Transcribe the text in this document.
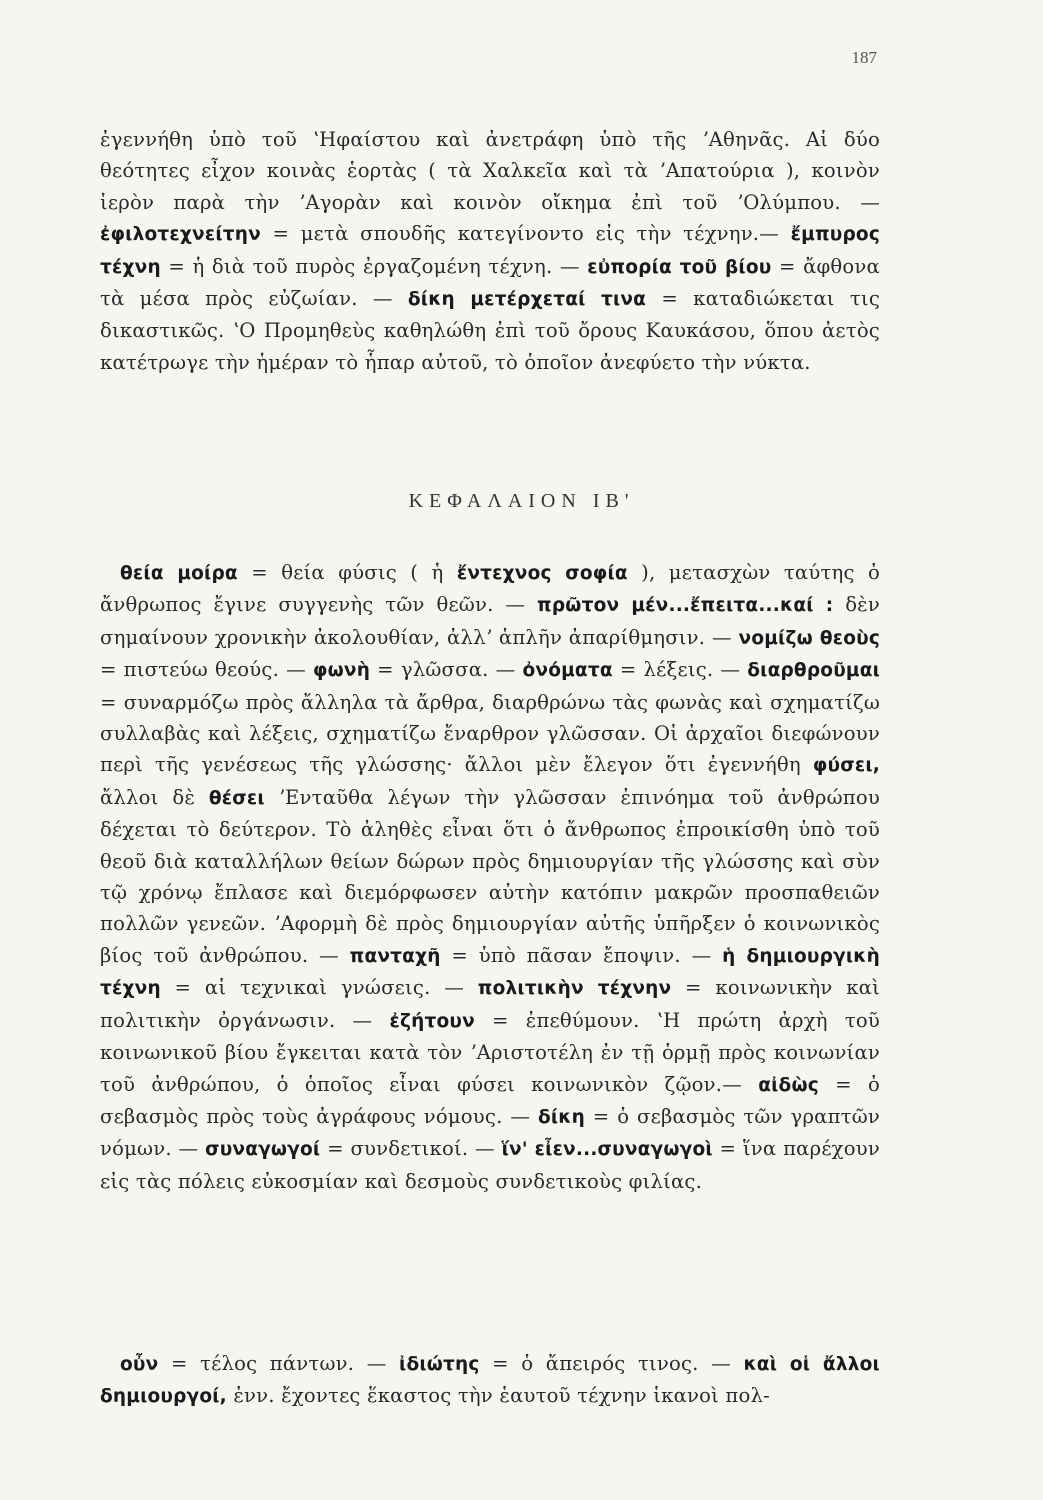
187

ἐγεννήθη ὑπὸ τοῦ ʽΗφαίστου καὶ ἀνετράφη ὑπὸ τῆς ʼΑθηνᾶς. Αἱ δύο θεότητες εἶχον κοινὰς ἑορτὰς ( τὰ Χαλκεῖα καὶ τὰ ʼΑπατούρια ), κοινὸν ἱερὸν παρὰ τὴν ʼΑγορὰν καὶ κοινὸν οἴκημα ἐπὶ τοῦ ʼΟλύμπου. — ἐφιλοτεχνείτην = μετὰ σπουδῆς κατεγίνοντο εἰς τὴν τέχνην.— ἔμπυρος τέχνη = ἡ διὰ τοῦ πυρὸς ἐργαζομένη τέχνη. — εὐπορία τοῦ βίου = ἄφθονα τὰ μέσα πρὸς εὐζωίαν. — δίκη μετέρχεταί τινα = καταδιώκεται τις δικαστικῶς. ʽΟ Προμηθεὺς καθηλώθη ἐπὶ τοῦ ὄρους Καυκάσου, ὅπου ἀετὸς κατέτρωγε τὴν ἡμέραν τὸ ἧπαρ αὐτοῦ, τὸ ὁποῖον ἀνεφύετο τὴν νύκτα.

ΚΕΦΑΛΑΙΟΝ ΙΒ'

θεία μοίρα = θεία φύσις ( ἡ ἔντεχνος σοφία ), μετασχὼν ταύτης ὁ ἄνθρωπος ἔγινε συγγενὴς τῶν θεῶν. — πρῶτον μέν...ἔπειτα...καί : δὲν σημαίνουν χρονικὴν ἀκολουθίαν, ἀλλʼ ἁπλῆν ἀπαρίθμησιν. — νομίζω θεοὺς = πιστεύω θεούς. — φωνὴ = γλῶσσα. — ὀνόματα = λέξεις. — διαρθροῦμαι = συναρμόζω πρὸς ἄλληλα τὰ ἄρθρα, διαρθρώνω τὰς φωνὰς καὶ σχηματίζω συλλαβὰς καὶ λέξεις, σχηματίζω ἔναρθρον γλῶσσαν. Οἱ ἀρχαῖοι διεφώνουν περὶ τῆς γενέσεως τῆς γλώσσης· ἄλλοι μὲν ἔλεγον ὅτι ἐγεννήθη φύσει, ἄλλοι δὲ θέσει ʼΕνταῦθα λέγων τὴν γλῶσσαν ἐπινόημα τοῦ ἀνθρώπου δέχεται τὸ δεύτερον. Τὸ ἀληθὲς εἶναι ὅτι ὁ ἄνθρωπος ἐπροικίσθη ὑπὸ τοῦ θεοῦ διὰ καταλλήλων θείων δώρων πρὸς δημιουργίαν τῆς γλώσσης καὶ σὺν τῷ χρόνῳ ἔπλασε καὶ διεμόρφωσεν αὐτὴν κατόπιν μακρῶν προσπαθειῶν πολλῶν γενεῶν. ʼΑφορμὴ δὲ πρὸς δημιουργίαν αὐτῆς ὑπῆρξεν ὁ κοινωνικὸς βίος τοῦ ἀνθρώπου. — πανταχῆ = ὑπὸ πᾶσαν ἔποψιν. — ἡ δημιουργικὴ τέχνη = αἱ τεχνικαὶ γνώσεις. — πολιτικὴν τέχνην = κοινωνικὴν καὶ πολιτικὴν ὀργάνωσιν. — ἐζήτουν = ἐπεθύμουν. ʽΗ πρώτη ἀρχὴ τοῦ κοινωνικοῦ βίου ἔγκειται κατὰ τὸν ʼΑριστοτέλη ἐν τῇ ὁρμῇ πρὸς κοινωνίαν τοῦ ἀνθρώπου, ὁ ὁποῖος εἶναι φύσει κοινωνικὸν ζῷον.— αἰδὼς = ὁ σεβασμὸς πρὸς τοὺς ἀγράφους νόμους. — δίκη = ὁ σεβασμὸς τῶν γραπτῶν νόμων. — συναγωγοί = συνδετικοί. — ἵν' εἶεν...συναγωγοὶ = ἵνα παρέχουν εἰς τὰς πόλεις εὐκοσμίαν καὶ δεσμοὺς συνδετικοὺς φιλίας.

οὖν = τέλος πάντων. — ἰδιώτης = ὁ ἄπειρός τινος. — καὶ οἱ ἄλλοι δημιουργοί, ἐνν. ἔχοντες ἕκαστος τὴν ἑαυτοῦ τέχνην ἱκανοὶ πολ-
